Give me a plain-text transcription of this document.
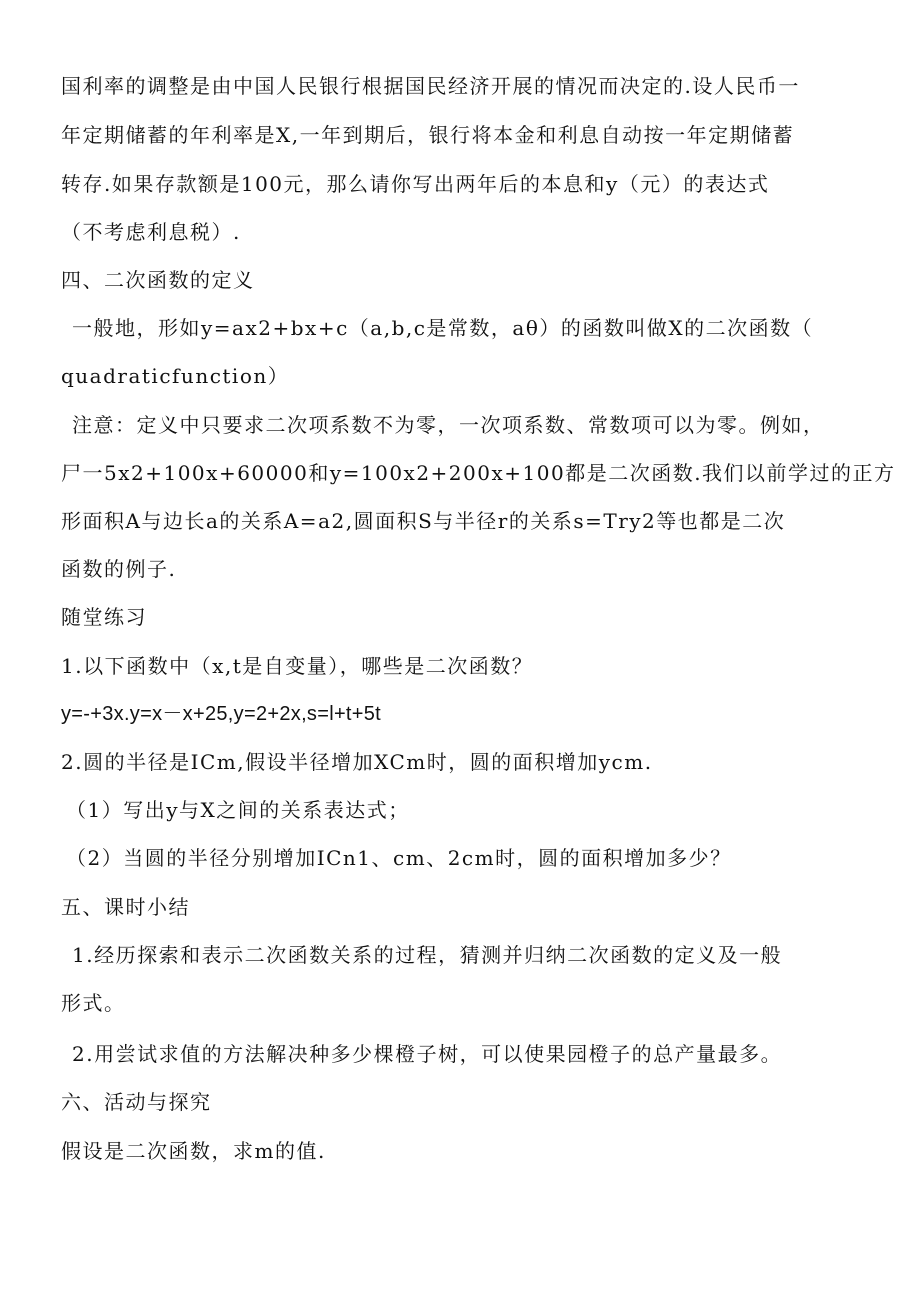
国利率的调整是由中国人民银行根据国民经济开展的情况而决定的.设人民币一
年定期储蓄的年利率是X,一年到期后，银行将本金和利息自动按一年定期储蓄
转存.如果存款额是100元，那么请你写出两年后的本息和y（元）的表达式
（不考虑利息税）.
四、二次函数的定义
一般地，形如y=ax2+bx+c（a,b,c是常数，aθ）的函数叫做X的二次函数（
quadraticfunction）
注意：定义中只要求二次项系数不为零，一次项系数、常数项可以为零。例如，
尸一5x2+100x+60000和y=100x2+200x+100都是二次函数.我们以前学过的正方
形面积A与边长a的关系A=a2,圆面积S与半径r的关系s=Try2等也都是二次
函数的例子.
随堂练习
1.以下函数中（x,t是自变量），哪些是二次函数？
y=-+3x.y=x－x+25,y=2+2x,s=l+t+5t
2.圆的半径是ICm,假设半径增加XCm时，圆的面积增加ycm.
（1）写出y与X之间的关系表达式；
（2）当圆的半径分别增加ICn1、cm、2cm时，圆的面积增加多少？
五、课时小结
1.经历探索和表示二次函数关系的过程，猜测并归纳二次函数的定义及一般
形式。
2.用尝试求值的方法解决种多少棵橙子树，可以使果园橙子的总产量最多。
六、活动与探究
假设是二次函数，求m的值.
